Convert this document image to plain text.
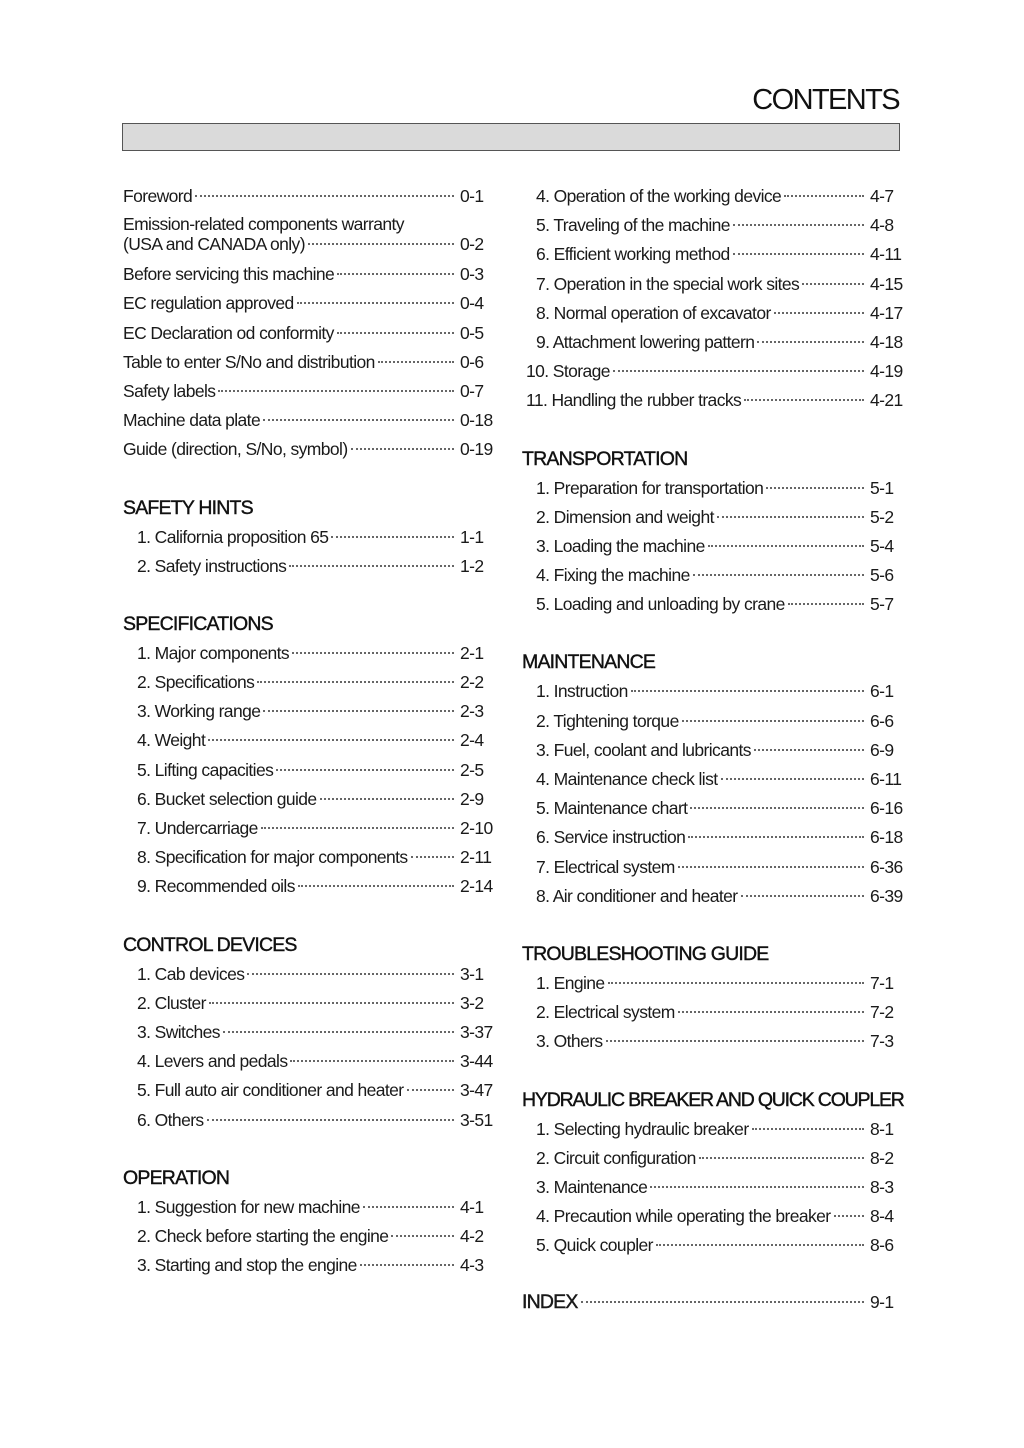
CONTENTS
Foreword	0-1
Emission-related components warranty
(USA and CANADA only)	0-2
Before servicing this machine	0-3
EC regulation approved	0-4
EC Declaration od conformity	0-5
Table to enter S/No and distribution	0-6
Safety labels	0-7
Machine data plate	0-18
Guide (direction, S/No, symbol)	0-19
SAFETY HINTS
1. California proposition 65	1-1
2. Safety instructions	1-2
SPECIFICATIONS
1. Major components	2-1
2. Specifications	2-2
3. Working range	2-3
4. Weight	2-4
5. Lifting capacities	2-5
6. Bucket selection guide	2-9
7. Undercarriage	2-10
8. Specification for major components	2-11
9. Recommended oils	2-14
CONTROL DEVICES
1. Cab devices	3-1
2. Cluster	3-2
3. Switches	3-37
4. Levers and pedals	3-44
5. Full auto air conditioner and heater	3-47
6. Others	3-51
OPERATION
1. Suggestion for new machine	4-1
2. Check before starting the engine	4-2
3. Starting and stop the engine	4-3
4. Operation of the working device	4-7
5. Traveling of the machine	4-8
6. Efficient working method	4-11
7. Operation in the special work sites	4-15
8. Normal operation of excavator	4-17
9. Attachment lowering pattern	4-18
10. Storage	4-19
11. Handling the rubber tracks	4-21
TRANSPORTATION
1. Preparation for transportation	5-1
2. Dimension and weight	5-2
3. Loading the machine	5-4
4. Fixing the machine	5-6
5. Loading and unloading by crane	5-7
MAINTENANCE
1. Instruction	6-1
2. Tightening torque	6-6
3. Fuel, coolant and lubricants	6-9
4. Maintenance check list	6-11
5. Maintenance chart	6-16
6. Service instruction	6-18
7. Electrical system	6-36
8. Air conditioner and heater	6-39
TROUBLESHOOTING GUIDE
1. Engine	7-1
2. Electrical system	7-2
3. Others	7-3
HYDRAULIC BREAKER AND QUICK COUPLER
1. Selecting hydraulic breaker	8-1
2. Circuit configuration	8-2
3. Maintenance	8-3
4. Precaution while operating the breaker 8-4
5. Quick coupler	8-6
INDEX	9-1
